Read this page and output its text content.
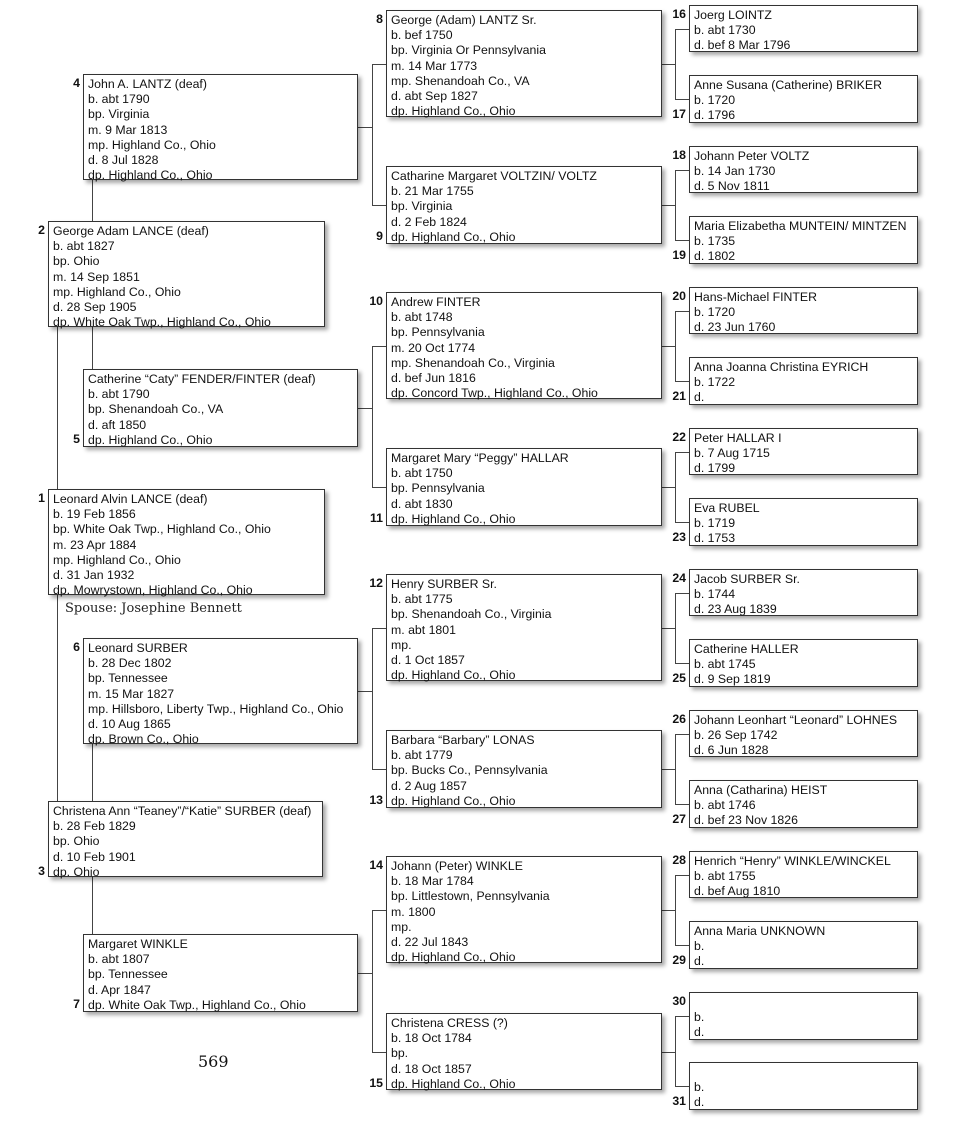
Leonard Alvin LANCE (deaf)
b. 19 Feb 1856
bp. White Oak Twp., Highland Co., Ohio
m. 23 Apr 1884
mp. Highland Co., Ohio
d. 31 Jan 1932
dp. Mowrystown, Highland Co., Ohio
1
George Adam LANCE (deaf)
b. abt 1827
bp. Ohio
m. 14 Sep 1851
mp. Highland Co., Ohio
d. 28 Sep 1905
dp. White Oak Twp., Highland Co., Ohio
2
Christena Ann “Teaney”/“Katie” SURBER (deaf)
b. 28 Feb 1829
bp. Ohio
d. 10 Feb 1901
dp. Ohio
3
John A. LANTZ (deaf)
b. abt 1790
bp. Virginia
m. 9 Mar 1813
mp. Highland Co., Ohio
d. 8 Jul 1828
dp. Highland Co., Ohio
4
Catherine “Caty” FENDER/FINTER (deaf)
b. abt 1790
bp. Shenandoah Co., VA
d. aft 1850
dp. Highland Co., Ohio
5
Leonard SURBER
b. 28 Dec 1802
bp. Tennessee
m. 15 Mar 1827
mp. Hillsboro, Liberty Twp., Highland Co., Ohio
d. 10 Aug 1865
dp. Brown Co., Ohio
6
Margaret WINKLE
b. abt 1807
bp. Tennessee
d. Apr 1847
dp. White Oak Twp., Highland Co., Ohio
7
George (Adam) LANTZ Sr.
b. bef 1750
bp. Virginia Or Pennsylvania
m. 14 Mar 1773
mp. Shenandoah Co., VA
d. abt Sep 1827
dp. Highland Co., Ohio
8
Catharine Margaret VOLTZIN/ VOLTZ
b. 21 Mar 1755
bp. Virginia
d. 2 Feb 1824
dp. Highland Co., Ohio
9
Andrew FINTER
b. abt 1748
bp. Pennsylvania
m. 20 Oct 1774
mp. Shenandoah Co., Virginia
d. bef Jun 1816
dp. Concord Twp., Highland Co., Ohio
10
Margaret Mary “Peggy” HALLAR
b. abt 1750
bp. Pennsylvania
d. abt 1830
dp. Highland Co., Ohio
11
Henry SURBER Sr.
b. abt 1775
bp. Shenandoah Co., Virginia
m. abt 1801
mp.
d. 1 Oct 1857
dp. Highland Co., Ohio
12
Barbara “Barbary” LONAS
b. abt 1779
bp. Bucks Co., Pennsylvania
d. 2 Aug 1857
dp. Highland Co., Ohio
13
Johann (Peter) WINKLE
b. 18 Mar 1784
bp. Littlestown, Pennsylvania
m. 1800
mp.
d. 22 Jul 1843
dp. Highland Co., Ohio
14
Christena CRESS (?)
b. 18 Oct 1784
bp.
d. 18 Oct 1857
dp. Highland Co., Ohio
15
Joerg LOINTZ
b. abt 1730
d. bef 8 Mar 1796
16
Anne Susana (Catherine) BRIKER
b. 1720
d. 1796
17
Johann Peter VOLTZ
b. 14 Jan 1730
d. 5 Nov 1811
18
Maria Elizabetha MUNTEIN/ MINTZEN
b. 1735
d. 1802
19
Hans-Michael FINTER
b. 1720
d. 23 Jun 1760
20
Anna Joanna Christina EYRICH
b. 1722
d.
21
Peter HALLAR I
b. 7 Aug 1715
d. 1799
22
Eva RUBEL
b. 1719
d. 1753
23
Jacob SURBER Sr.
b. 1744
d. 23 Aug 1839
24
Catherine HALLER
b. abt 1745
d. 9 Sep 1819
25
Johann Leonhart “Leonard” LOHNES
b. 26 Sep 1742
d. 6 Jun 1828
26
Anna (Catharina) HEIST
b. abt 1746
d. bef 23 Nov 1826
27
Henrich “Henry” WINKLE/WINCKEL
b. abt 1755
d. bef Aug 1810
28
Anna Maria UNKNOWN
b.
d.
29

b.
d.
30

b.
d.
31
Spouse: Josephine Bennett
569
